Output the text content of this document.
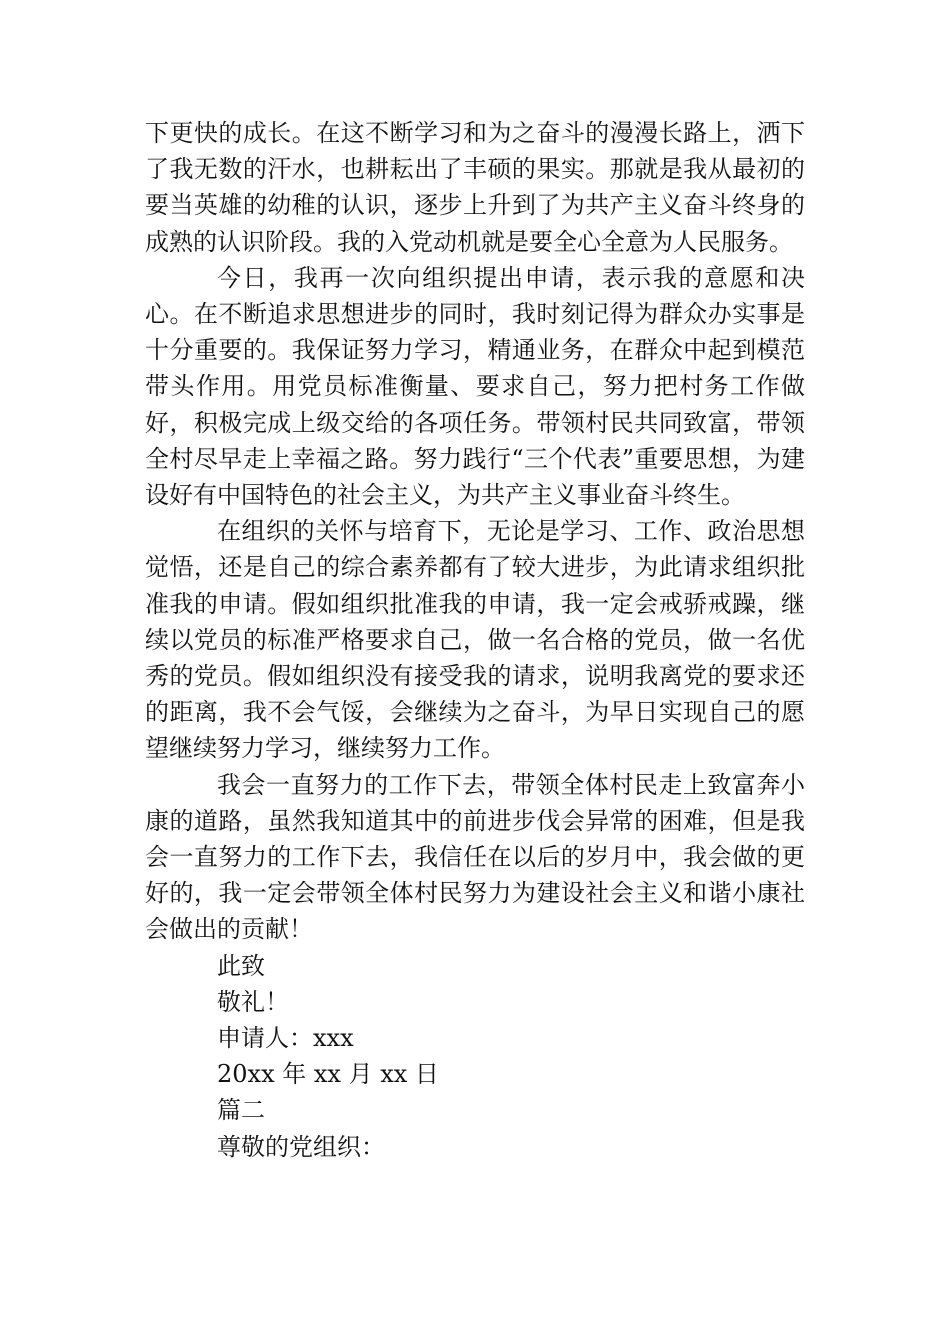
下更快的成长。在这不断学习和为之奋斗的漫漫长路上，洒下了我无数的汗水，也耕耘出了丰硕的果实。那就是我从最初的要当英雄的幼稚的认识，逐步上升到了为共产主义奋斗终身的成熟的认识阶段。我的入党动机就是要全心全意为人民服务。

今日，我再一次向组织提出申请，表示我的意愿和决心。在不断追求思想进步的同时，我时刻记得为群众办实事是十分重要的。我保证努力学习，精通业务，在群众中起到模范带头作用。用党员标准衡量、要求自己，努力把村务工作做好，积极完成上级交给的各项任务。带领村民共同致富，带领全村尽早走上幸福之路。努力践行“三个代表”重要思想，为建设好有中国特色的社会主义，为共产主义事业奋斗终生。

在组织的关怀与培育下，无论是学习、工作、政治思想觉悟，还是自己的综合素养都有了较大进步，为此请求组织批准我的申请。假如组织批准我的申请，我一定会戒骄戒躁，继续以党员的标准严格要求自己，做一名合格的党员，做一名优秀的党员。假如组织没有接受我的请求，说明我离党的要求还的距离，我不会气馁，会继续为之奋斗，为早日实现自己的愿望继续努力学习，继续努力工作。

我会一直努力的工作下去，带领全体村民走上致富奔小康的道路，虽然我知道其中的前进步伐会异常的困难，但是我会一直努力的工作下去，我信任在以后的岁月中，我会做的更好的，我一定会带领全体村民努力为建设社会主义和谐小康社会做出的贡献！

此致

敬礼！

申请人：xxx

20xx 年 xx 月 xx 日

篇二

尊敬的党组织：
